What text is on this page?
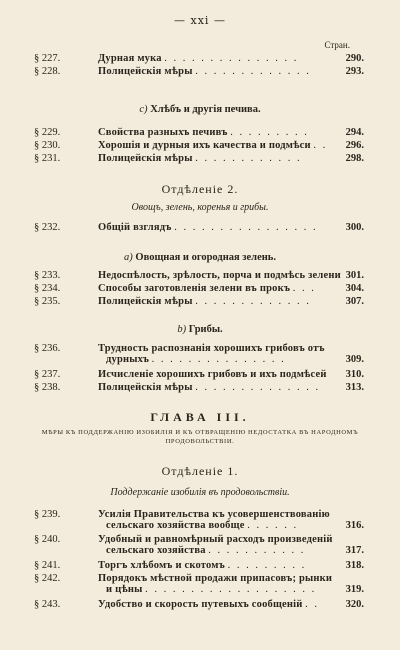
— xxi —
Стран.
§ 227.	Дурная мука . . . . . . . . . . . . . . .	290.
§ 228.	Полицейскія мѣры . . . . . . . . . . . . .	293.
с) Хлѣбъ и другія печива.
§ 229.	Свойства разныхъ печивъ . . . . . . . . .	294.
§ 230.	Хорошія и дурныя ихъ качества и подмѣси . . 296.
§ 231.	Полицейскія мѣры . . . . . . . . . . . .	298.
Отдѣленіе 2.
Овощъ, зелень, коренья и грибы.
§ 232.	Общій взглядъ . . . . . . . . . . . . . . . .	300.
а) Овощная и огородная зелень.
§ 233.	Недоспѣлость, зрѣлость, порча и подмѣсь зелени 301.
§ 234.	Способы заготовленія зелени въ прокъ . . .	304.
§ 235.	Полицейскія мѣры . . . . . . . . . . . . .	307.
b) Грибы.
§ 236.	Трудность распознанія хорошихъ грибовъ отъ
дурныхъ . . . . . . . . . . . . . . .	309.
§ 237.	Исчисленіе хорошихъ грибовъ и ихъ подмѣсей 310.
§ 238.	Полицейскія мѣры . . . . . . . . . . . . . . 313.
ГЛАВА III.
МѢРЫ КЪ ПОДДЕРЖАНІЮ ИЗОБИЛІЯ И КЪ ОТВРАЩЕНІЮ НЕДОСТАТКА ВЪ НАРОДНОМЪ ПРОДОВОЛЬСТВІИ.
Отдѣленіе 1.
Поддержаніе изобилія въ продовольствіи.
§ 239.	Усилія Правительства къ усовершенствованію
сельскаго хозяйства вообще . . . . . .	316.
§ 240.	Удобный и равномѣрный расходъ произведеній
сельскаго хозяйства . . . . . . . . . . .	317.
§ 241.	Торгъ хлѣбомъ и скотомъ . . . . . . . . .	318.
§ 242.	Порядокъ мѣстной продажи припасовъ; рынки
и цѣны . . . . . . . . . . . . . . . . . . .	319.
§ 243.	Удобство и скорость путевыхъ сообщеній . .	320.
